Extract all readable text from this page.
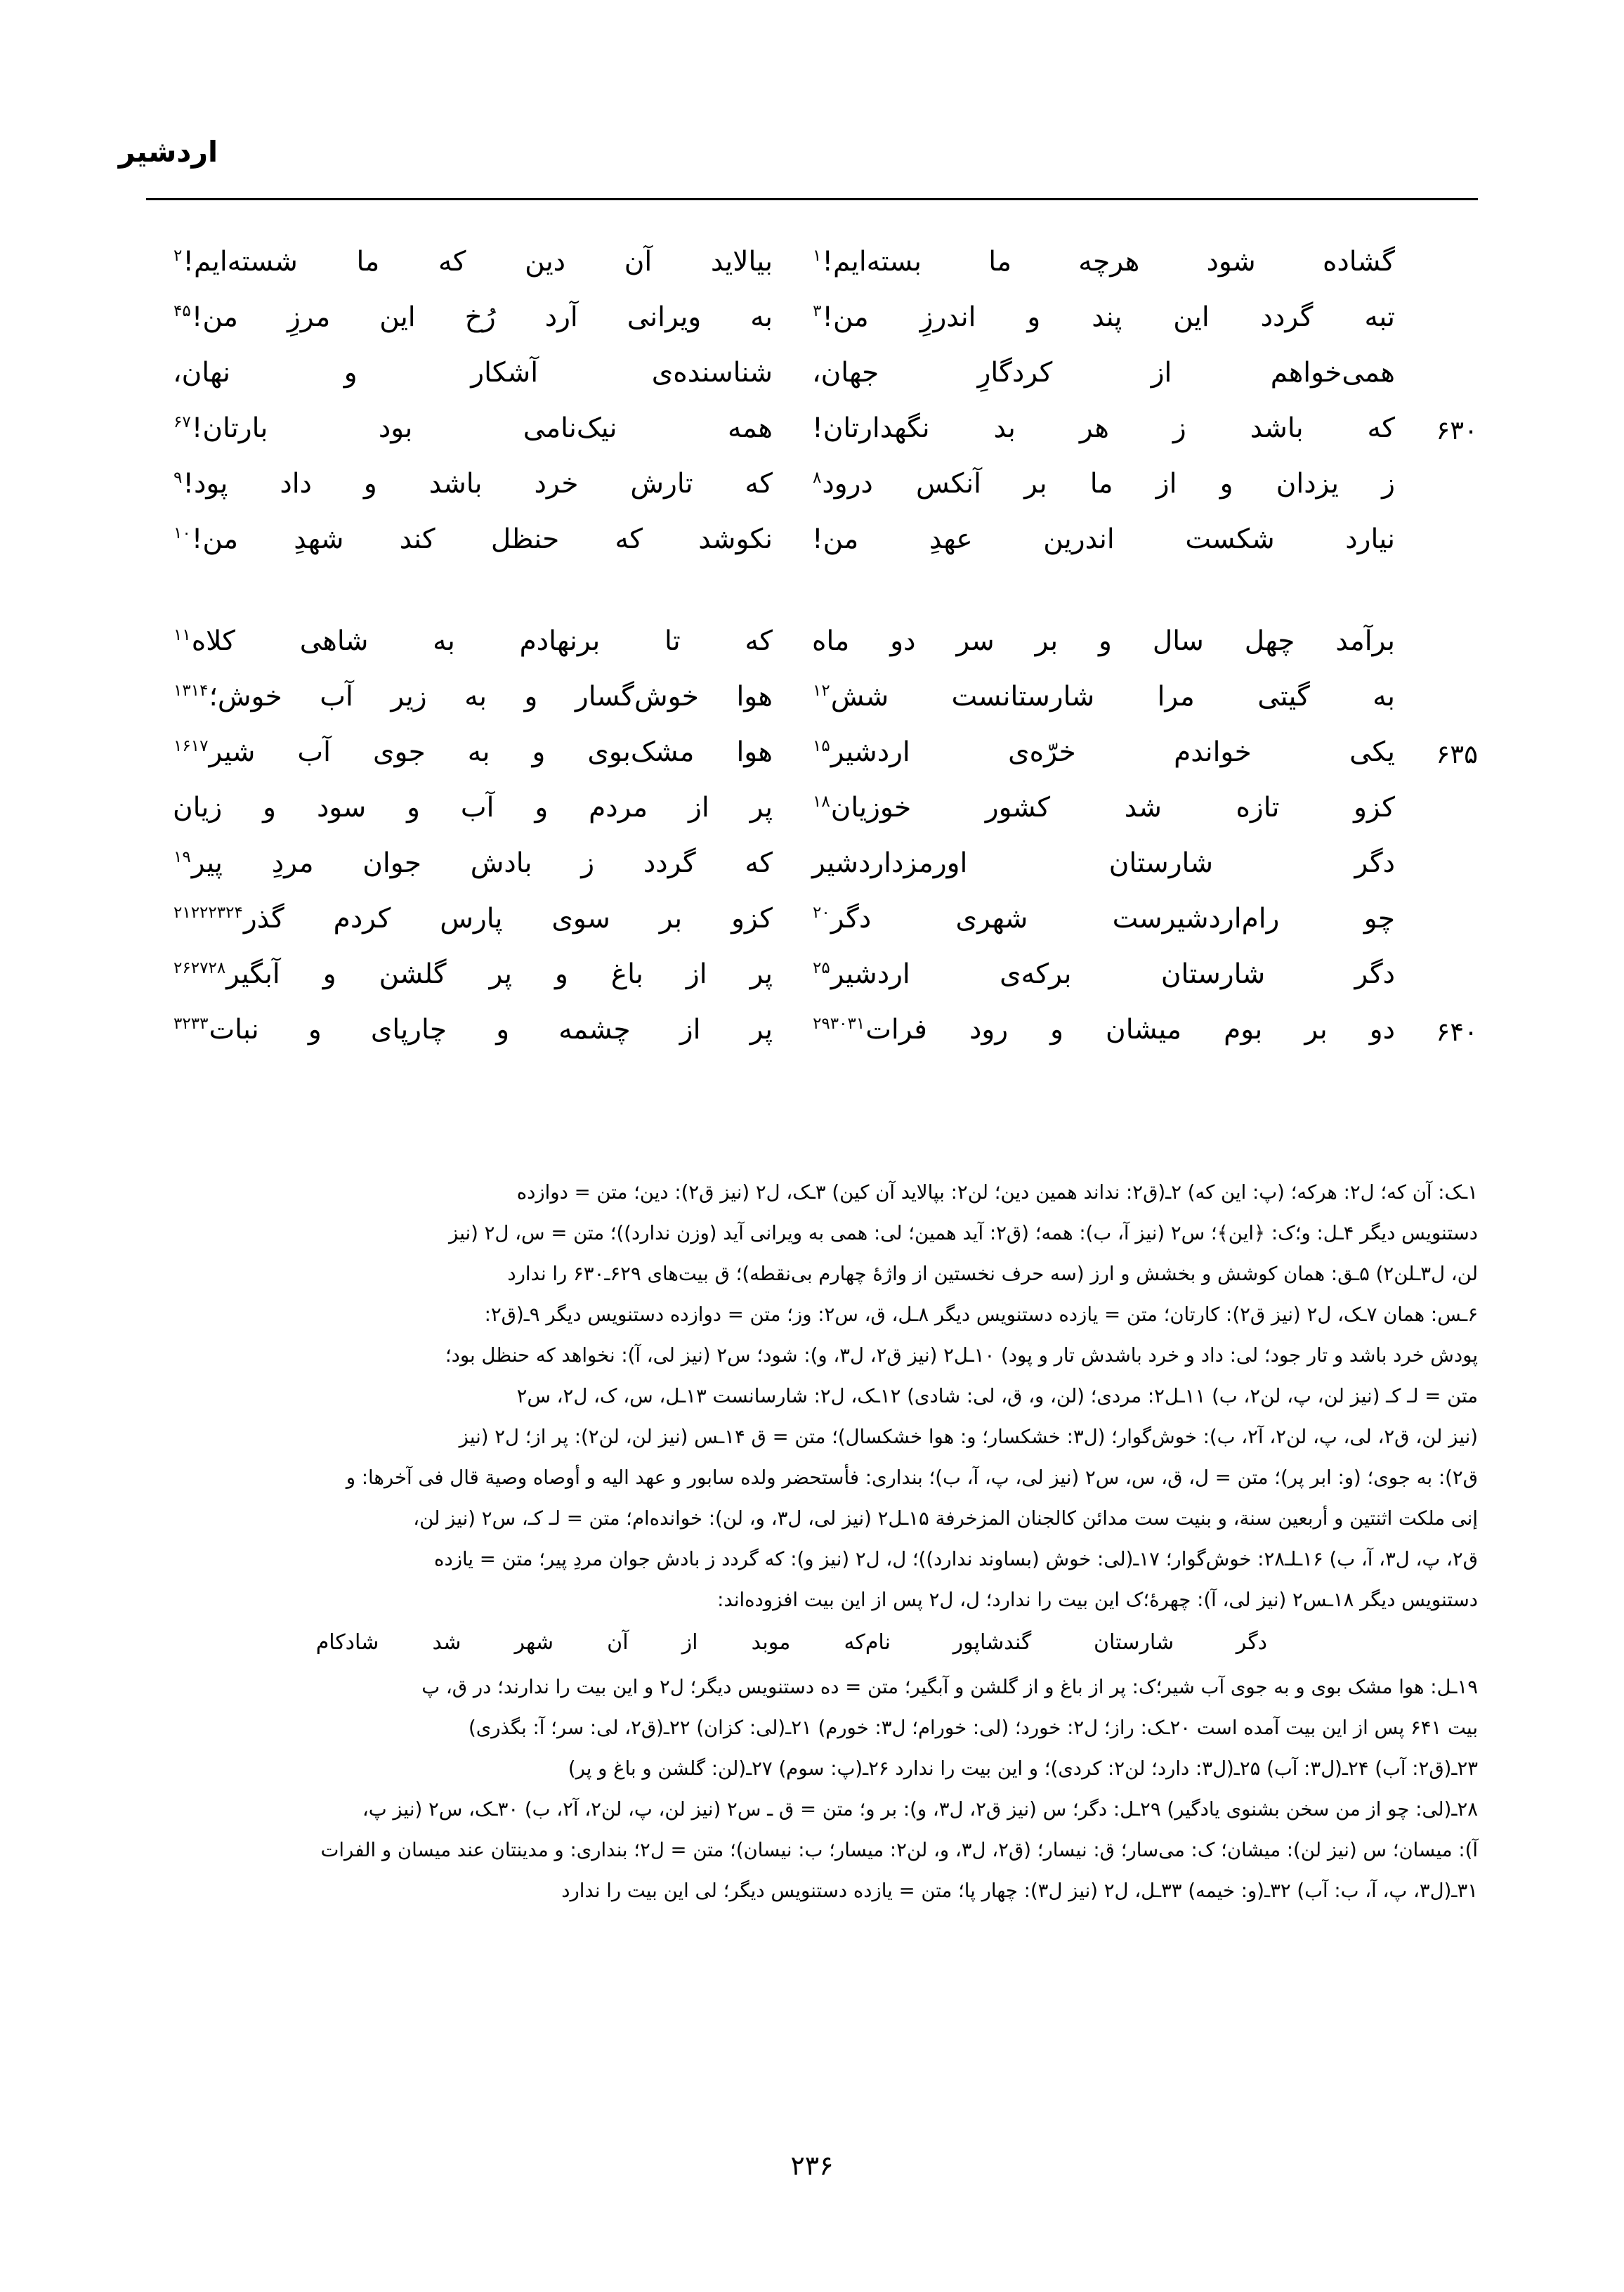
اردشیر
گشاده
شود
هرچه
ما
بسته‌ایم!$^۱$
بیالاید
آن
دین
که
ما
شسته‌ایم!$^۲$
تبه
گردد
این
پند
و
اندرزِ
من!$^۳$
به
ویرانی
آرد
رُخ
این
مرزِ
من!$^{۴۵}$
همی‌خواهم
از
کردگارِ
جهان،
شناسنده‌ی
آشکار
و
نهان،
۶۳۰
که
باشد
ز
هر
بد
نگهدارتان!
همه
نیک‌نامی
بود
بارتان!$^{۶۷}$
ز
یزدان
و
از
ما
بر
آنکس
درود$^۸$
که
تارش
خرد
باشد
و
داد
پود!$^۹$
نیارد
شکست
اندرین
عهدِ
من!
نکوشد
که
حنظل
کند
شهدِ
من!$^{۱۰}$
برآمد
چهل
سال
و
بر
سر
دو
ماه
که
تا
برنهادم
به
شاهی
کلاه$^{۱۱}$
به
گیتی
مرا
شارستانست
شش$^{۱۲}$
هوا
خوش‌گسار
و
به
زیر
آب
خوش؛$^{۱۳۱۴}$
۶۳۵
یکی
خواندم
خرّه‌ی
اردشیر$^{۱۵}$
هوا
مشک‌بوی
و
به
جوی
آب
شیر$^{۱۶۱۷}$
کزو
تازه
شد
کشور
خوزیان$^{۱۸}$
پر
از
مردم
و
آب
و
سود
و
زیان
دگر
شارستان
اورمزداردشیر
که
گردد
ز
بادش
جوان
مردِ
پیر$^{۱۹}$
چو
رام‌اردشیرست
شهری
دگر$^{۲۰}$
کزو
بر
سوی
پارس
کردم
گذر$^{۲۱۲۲۲۳۲۴}$
دگر
شارستان
برکه‌ی
اردشیر$^{۲۵}$
پر
از
باغ
و
پر
گلشن
و
آبگیر$^{۲۶۲۷۲۸}$
۶۴۰
دو
بر
بوم
میشان
و
رود
فرات$^{۲۹۳۰۳۱}$
پر
از
چشمه
و
چارپای
و
نبات$^{۳۲۳۳}$
۱ـک: آن که؛ ل۲: هرکه؛ (پ: این که) ۲ـ(ق۲: نداند همین دین؛ لن۲: بپالاید آن کین) ۳ـک، ل۲ (نیز ق۲): دین؛ متن = دوازده
دستنویس دیگر ۴ـل: و؛ک: ﴿این﴾؛ س۲ (نیز آ، ب): همه؛ (ق۲: آید همین؛ لی: همی به ویرانی آید (وزن ندارد))؛ متن = س، ل۲ (نیز
لن، ل۳ـلن۲) ۵ـق: همان کوشش و بخشش و ارز (سه حرف نخستین از واژهٔ چهارم بی‌نقطه)؛ ق بیت‌های ۶۲۹ـ۶۳۰ را ندارد
۶ـس: همان ۷ـک، ل۲ (نیز ق۲): کارتان؛ متن = یازده دستنویس دیگر ۸ـل، ق، س۲: وز؛ متن = دوازده دستنویس دیگر ۹ـ(ق۲:
پودش خرد باشد و تار جود؛ لی: داد و خرد باشدش تار و پود) ۱۰ـل۲ (نیز ق۲، ل۳، و): شود؛ س۲ (نیز لی، آ): نخواهد که حنظل بود؛
متن = لـ کـ (نیز لن، پ، لن۲، ب) ۱۱ـل۲: مردی؛ (لن، و، ق، لی: شادی) ۱۲ـک، ل۲: شارسانست ۱۳ـل، س، ک، ل۲، س۲
(نیز لن، ق۲، لی، پ، لن۲، آ۲، ب): خوش‌گوار؛ (ل۳: خشکسار؛ و: هوا خشکسال)؛ متن = ق ۱۴ـس (نیز لن، لن۲): پر از؛ ل۲ (نیز
ق۲): به جوی؛ (و: ابر پر)؛ متن = ل، ق، س، س۲ (نیز لی، پ، آ، ب)؛ بنداری: فأستحضر ولده سابور و عهد الیه و أوصاه وصیة قال فی آخرها: و
إنی ملکت اثنتین و أربعین سنة، و بنیت ست مدائن کالجنان المزخرفة ۱۵ـل۲ (نیز لی، ل۳، و، لن): خوانده‌ام؛ متن = لـ کـ، س۲ (نیز لن،
ق۲، پ، ل۳، آ، ب) ۱۶ـلـ۲۸: خوش‌گوار؛ ۱۷ـ(لی: خوش (بساوند ندارد))؛ ل، ل۲ (نیز و): که گردد ز بادش جوان مردِ پیر؛ متن = یازده
دستنویس دیگر ۱۸ـس۲ (نیز لی، آ): چهرهٔ؛ک این بیت را ندارد؛ ل، ل۲ پس از این بیت افزوده‌اند:
دگر
شارستان
گندشاپور
نام
که
موبد
از
آن
شهر
شد
شادکام
۱۹ـل: هوا مشک بوی و به جوی آب شیر؛ک: پر از باغ و از گلشن و آبگیر؛ متن = ده دستنویس دیگر؛ ل۲ و این بیت را ندارند؛ در ق، پ
بیت ۶۴۱ پس از این بیت آمده است ۲۰ـک: راز؛ ل۲: خورد؛ (لی: خورام؛ ل۳: خورم) ۲۱ـ(لی: کزان) ۲۲ـ(ق۲، لی: سر؛ آ: بگذری)
۲۳ـ(ق۲: آب) ۲۴ـ(ل۳: آب) ۲۵ـ(ل۳: دارد؛ لن۲: کردی)؛ و این بیت را ندارد ۲۶ـ(پ: سوم) ۲۷ـ(لن: گلشن و باغ و پر)
۲۸ـ(لی: چو از من سخن بشنوی یادگیر) ۲۹ـل: دگر؛ س (نیز ق۲، ل۳، و): بر و؛ متن = ق ـ س۲ (نیز لن، پ، لن۲، آ۲، ب) ۳۰ـک، س۲ (نیز پ،
آ): میسان؛ س (نیز لن): میشان؛ ک: می‌سار؛ ق: نیسار؛ (ق۲، ل۳، و، لن۲: میسار؛ ب: نیسان)؛ متن = ل۲؛ بنداری: و مدینتان عند میسان و الفرات
۳۱ـ(ل۳، پ، آ، ب: آب) ۳۲ـ(و: خیمه) ۳۳ـل، ل۲ (نیز ل۳): چهار پا؛ متن = یازده دستنویس دیگر؛ لی این بیت را ندارد
۲۳۶
